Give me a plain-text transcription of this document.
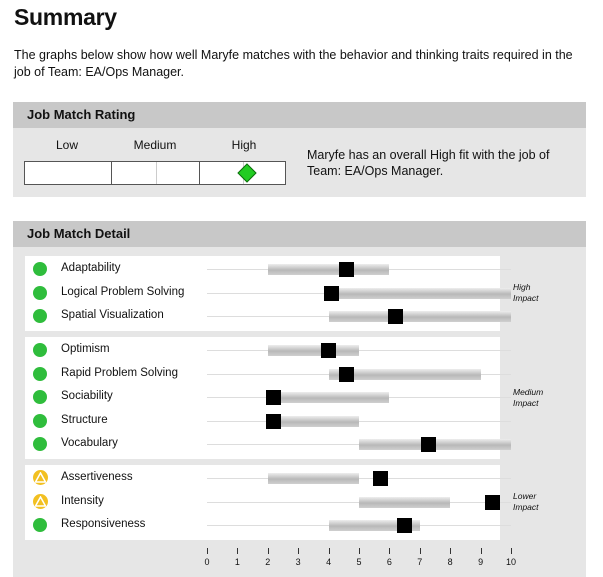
Summary
The graphs below show how well Maryfe matches with the behavior and thinking traits required in the job of Team: EA/Ops Manager.
Job Match Rating
Low	Medium	High
Maryfe has an overall High fit with the job of Team: EA/Ops Manager.
Job Match Detail
Adaptability
Logical Problem Solving
Spatial Visualization
High
Impact
Optimism
Rapid Problem Solving
Sociability
Structure
Vocabulary
Medium
Impact
Assertiveness
Intensity
Responsiveness
Lower
Impact
0	1	2	3	4	5	6	7	8	9	10
